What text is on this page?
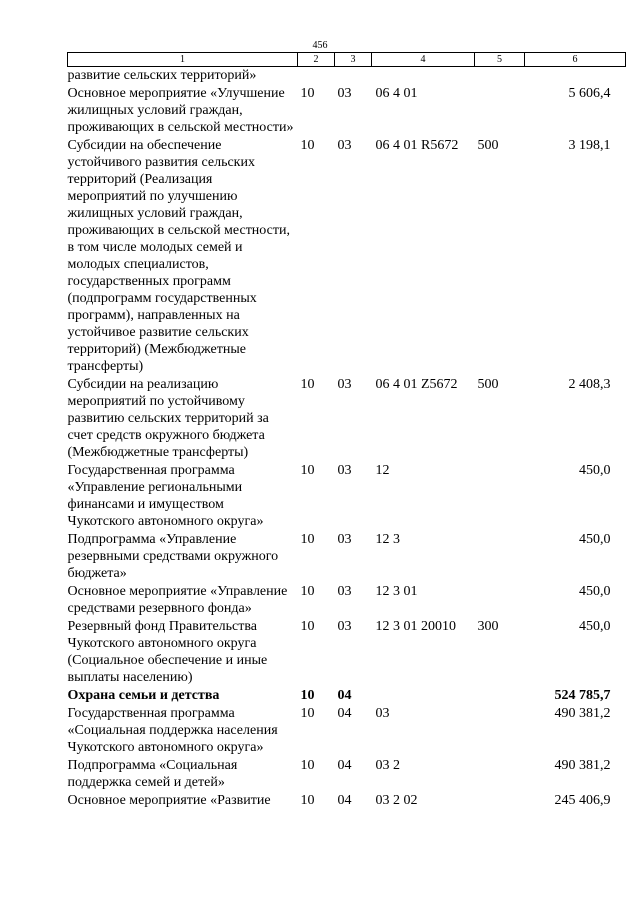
456
1	2	3	4	5	6
развитие сельских территорий»					
Основное мероприятие «Улучшение жилищных условий граждан, проживающих в сельской местности»	10	03	06 4 01		5 606,4
Субсидии на обеспечение устойчивого развития сельских территорий (Реализация мероприятий по улучшению жилищных условий граждан, проживающих в сельской местности, в том числе молодых семей и молодых специалистов, государственных программ (подпрограмм государственных программ), направленных на устойчивое развитие сельских территорий) (Межбюджетные трансферты)	10	03	06 4 01 R5672	500	3 198,1
Субсидии на реализацию мероприятий по устойчивому развитию сельских территорий за счет средств окружного бюджета (Межбюджетные трансферты)	10	03	06 4 01 Z5672	500	2 408,3
Государственная программа «Управление региональными финансами и имуществом Чукотского автономного округа»	10	03	12		450,0
Подпрограмма «Управление резервными средствами окружного бюджета»	10	03	12 3		450,0
Основное мероприятие «Управление средствами резервного фонда»	10	03	12 3 01		450,0
Резервный фонд Правительства Чукотского автономного округа (Социальное обеспечение и иные выплаты населению)	10	03	12 3 01 20010	300	450,0
Охрана семьи и детства	10	04			524 785,7
Государственная программа «Социальная поддержка населения Чукотского автономного округа»	10	04	03		490 381,2
Подпрограмма «Социальная поддержка семей и детей»	10	04	03 2		490 381,2
Основное мероприятие «Развитие	10	04	03 2 02		245 406,9
